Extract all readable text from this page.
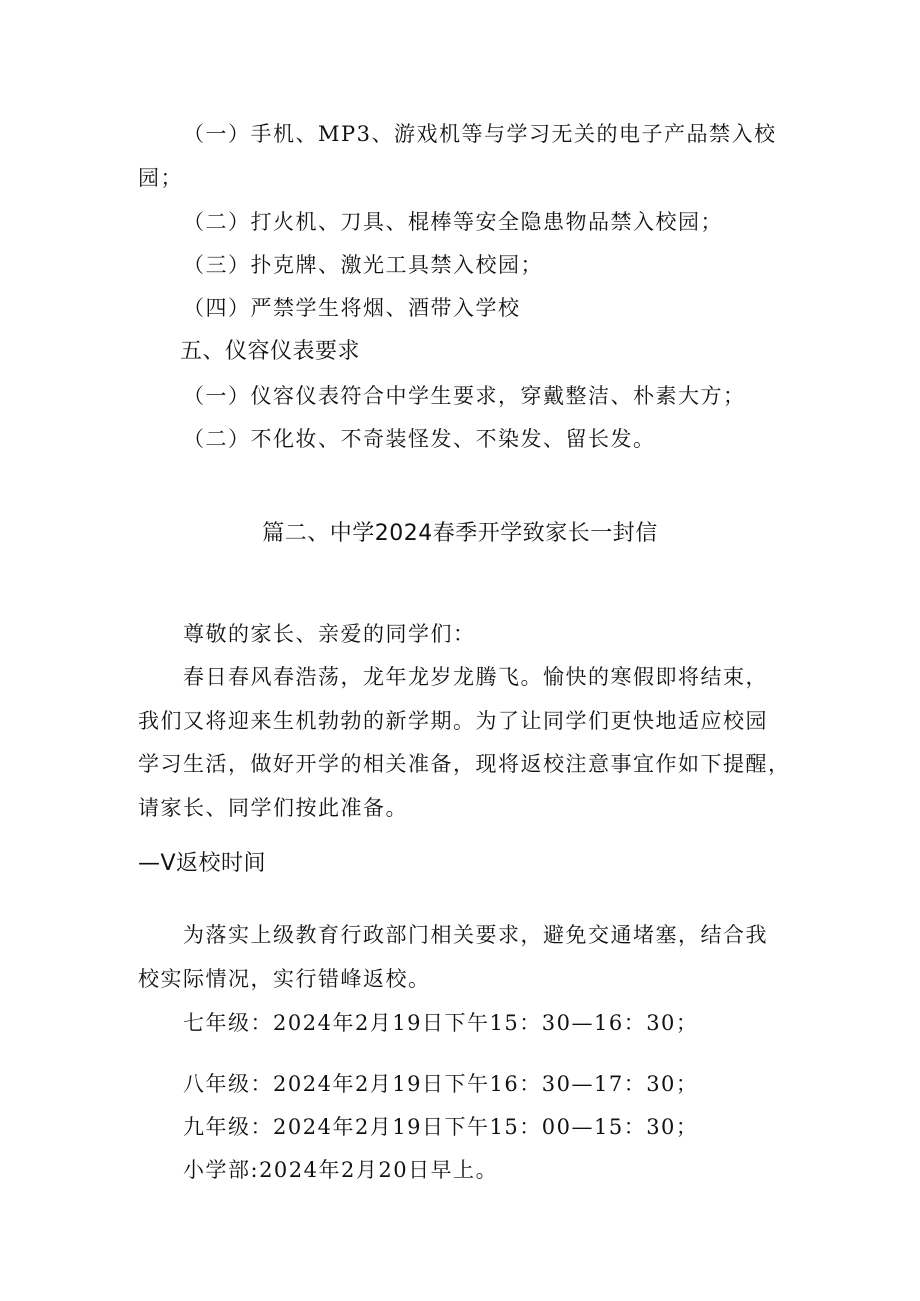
（一）手机、MP3、游戏机等与学习无关的电子产品禁入校
园；
（二）打火机、刀具、棍棒等安全隐患物品禁入校园；
（三）扑克牌、激光工具禁入校园；
（四）严禁学生将烟、酒带入学校
五、仪容仪表要求
（一）仪容仪表符合中学生要求，穿戴整洁、朴素大方；
（二）不化妆、不奇装怪发、不染发、留长发。
篇二、中学2024春季开学致家长一封信
尊敬的家长、亲爱的同学们：
春日春风春浩荡，龙年龙岁龙腾飞。愉快的寒假即将结束，
我们又将迎来生机勃勃的新学期。为了让同学们更快地适应校园
学习生活，做好开学的相关准备，现将返校注意事宜作如下提醒，
请家长、同学们按此准备。
—V返校时间
为落实上级教育行政部门相关要求，避免交通堵塞，结合我
校实际情况，实行错峰返校。
七年级：2024年2月19日下午15：30—16：30；
八年级：2024年2月19日下午16：30—17：30；
九年级：2024年2月19日下午15：00—15：30；
小学部:2024年2月20日早上。
